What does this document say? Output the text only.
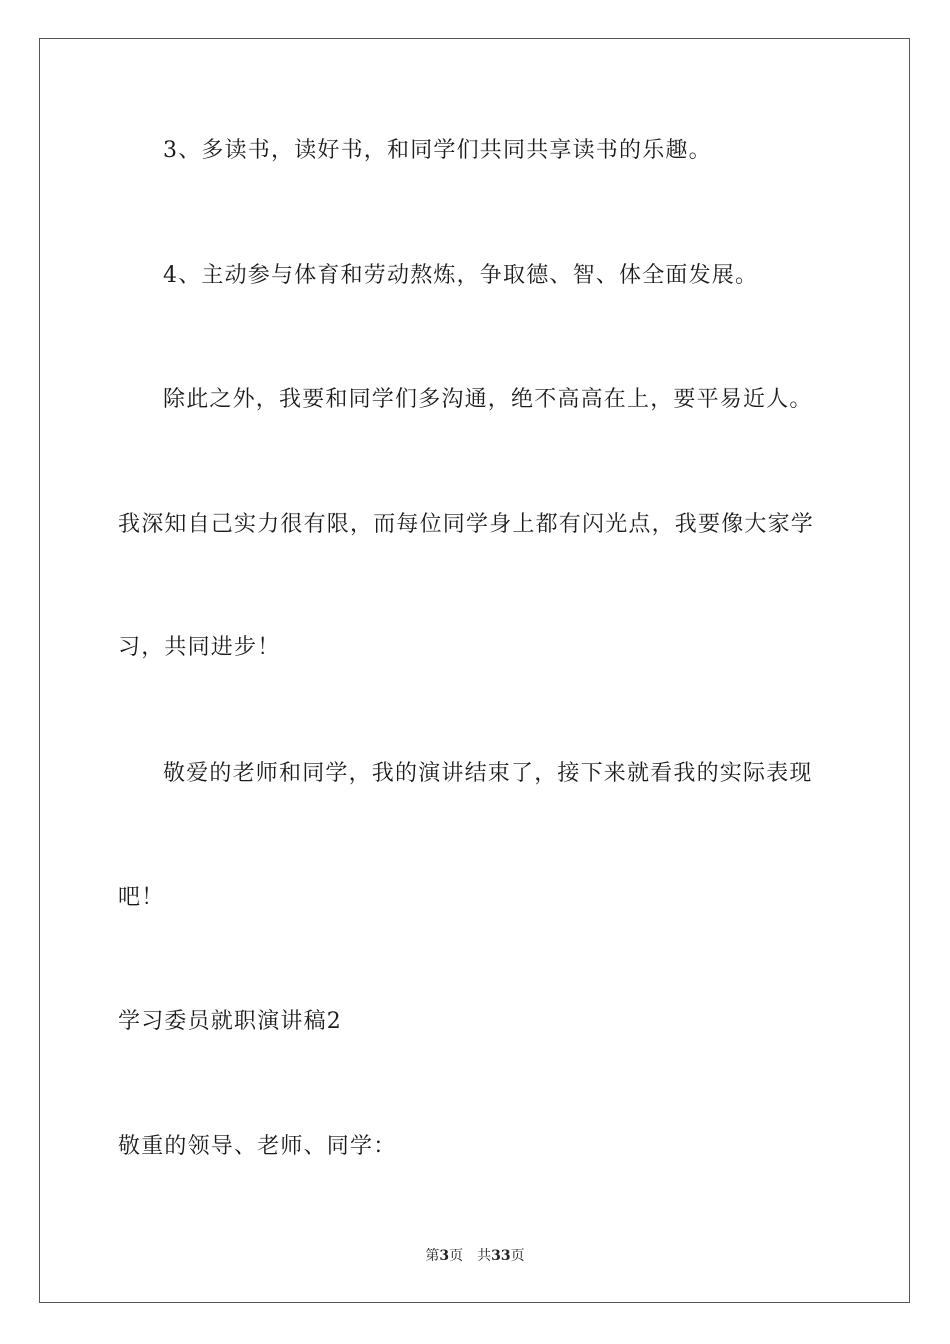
3、多读书，读好书，和同学们共同共享读书的乐趣。
4、主动参与体育和劳动熬炼，争取德、智、体全面发展。
除此之外，我要和同学们多沟通，绝不高高在上，要平易近人。
我深知自己实力很有限，而每位同学身上都有闪光点，我要像大家学
习，共同进步！
敬爱的老师和同学，我的演讲结束了，接下来就看我的实际表现
吧！
学习委员就职演讲稿2
敬重的领导、老师、同学：
第3页 共33页
